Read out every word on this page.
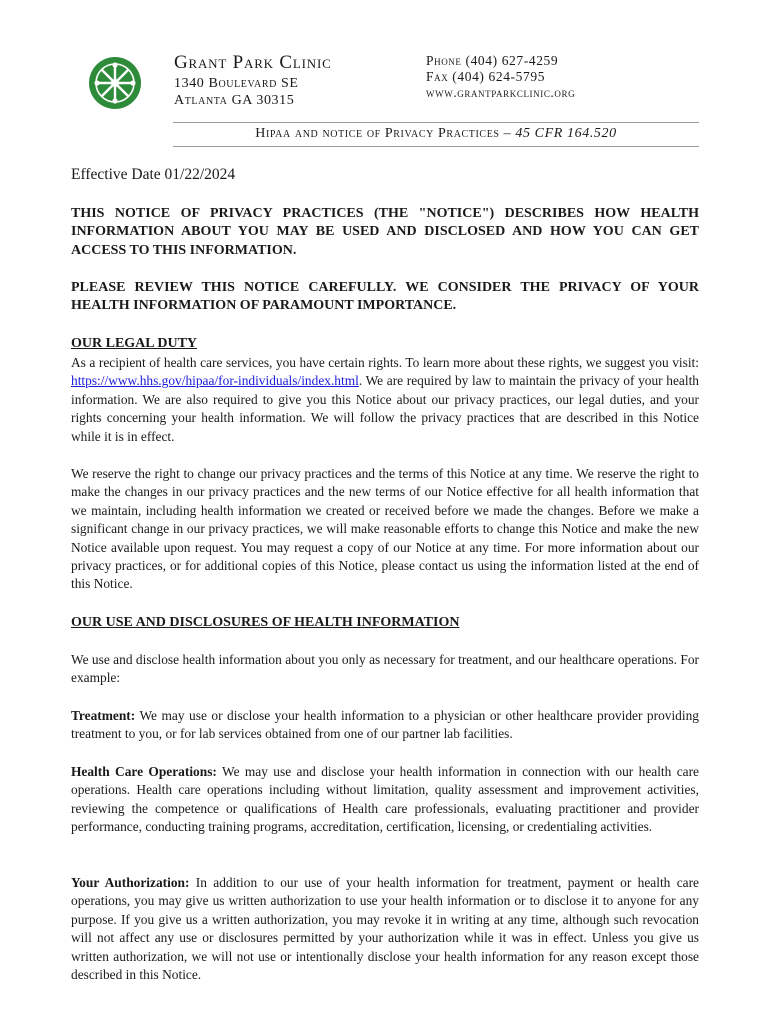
Grant Park Clinic
1340 Boulevard SE
Atlanta GA 30315
Phone (404) 627-4259
Fax (404) 624-5795
www.grantparkclinic.org
Hipaa and notice of Privacy Practices – 45 CFR 164.520

Effective Date 01/22/2024

THIS NOTICE OF PRIVACY PRACTICES (THE "NOTICE") DESCRIBES HOW HEALTH INFORMATION ABOUT YOU MAY BE USED AND DISCLOSED AND HOW YOU CAN GET ACCESS TO THIS INFORMATION.

PLEASE REVIEW THIS NOTICE CAREFULLY. WE CONSIDER THE PRIVACY OF YOUR HEALTH INFORMATION OF PARAMOUNT IMPORTANCE.

OUR LEGAL DUTY

As a recipient of health care services, you have certain rights. To learn more about these rights, we suggest you visit: https://www.hhs.gov/hipaa/for-individuals/index.html. We are required by law to maintain the privacy of your health information. We are also required to give you this Notice about our privacy practices, our legal duties, and your rights concerning your health information. We will follow the privacy practices that are described in this Notice while it is in effect.

We reserve the right to change our privacy practices and the terms of this Notice at any time. We reserve the right to make the changes in our privacy practices and the new terms of our Notice effective for all health information that we maintain, including health information we created or received before we made the changes. Before we make a significant change in our privacy practices, we will make reasonable efforts to change this Notice and make the new Notice available upon request. You may request a copy of our Notice at any time. For more information about our privacy practices, or for additional copies of this Notice, please contact us using the information listed at the end of this Notice.

OUR USE AND DISCLOSURES OF HEALTH INFORMATION

We use and disclose health information about you only as necessary for treatment, and our healthcare operations. For example:

Treatment: We may use or disclose your health information to a physician or other healthcare provider providing treatment to you, or for lab services obtained from one of our partner lab facilities.

Health Care Operations: We may use and disclose your health information in connection with our health care operations. Health care operations including without limitation, quality assessment and improvement activities, reviewing the competence or qualifications of Health care professionals, evaluating practitioner and provider performance, conducting training programs, accreditation, certification, licensing, or credentialing activities.

Your Authorization: In addition to our use of your health information for treatment, payment or health care operations, you may give us written authorization to use your health information or to disclose it to anyone for any purpose. If you give us a written authorization, you may revoke it in writing at any time, although such revocation will not affect any use or disclosures permitted by your authorization while it was in effect. Unless you give us written authorization, we will not use or intentionally disclose your health information for any reason except those described in this Notice.
